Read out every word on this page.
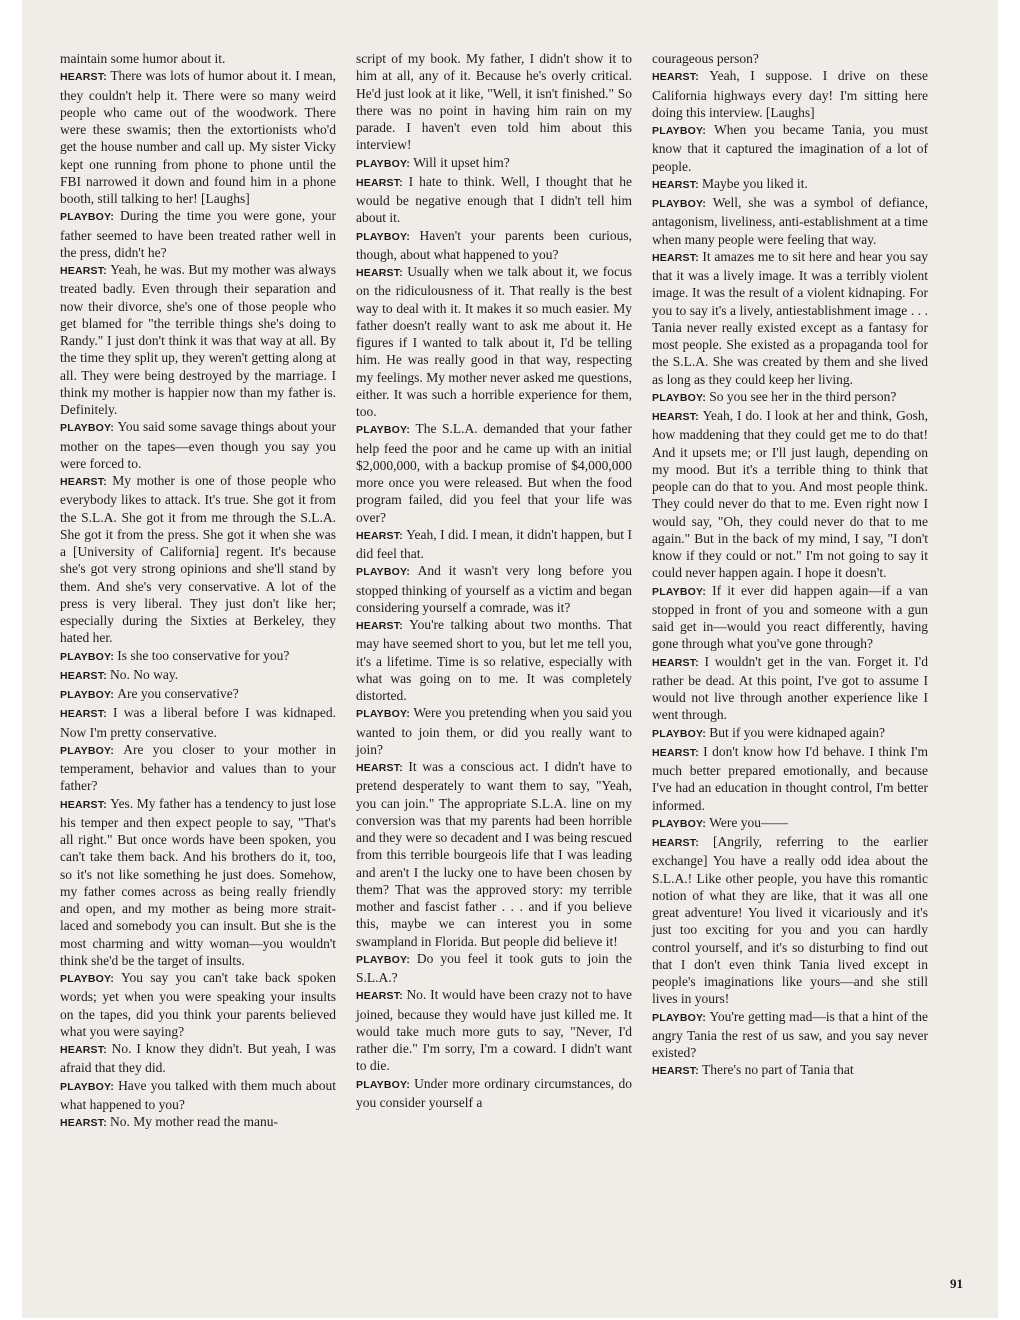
maintain some humor about it.

HEARST: There was lots of humor about it. I mean, they couldn't help it. There were so many weird people who came out of the woodwork. There were these swamis; then the extortionists who'd get the house number and call up. My sister Vicky kept one running from phone to phone until the FBI narrowed it down and found him in a phone booth, still talking to her! [Laughs]

PLAYBOY: During the time you were gone, your father seemed to have been treated rather well in the press, didn't he?

HEARST: Yeah, he was. But my mother was always treated badly. Even through their separation and now their divorce, she's one of those people who get blamed for "the terrible things she's doing to Randy." I just don't think it was that way at all. By the time they split up, they weren't getting along at all. They were being destroyed by the marriage. I think my mother is happier now than my father is. Definitely.

PLAYBOY: You said some savage things about your mother on the tapes—even though you say you were forced to.

HEARST: My mother is one of those people who everybody likes to attack. It's true. She got it from the S.L.A. She got it from me through the S.L.A. She got it from the press. She got it when she was a [University of California] regent. It's because she's got very strong opinions and she'll stand by them. And she's very conservative. A lot of the press is very liberal. They just don't like her; especially during the Sixties at Berkeley, they hated her.

PLAYBOY: Is she too conservative for you?

HEARST: No. No way.

PLAYBOY: Are you conservative?

HEARST: I was a liberal before I was kidnaped. Now I'm pretty conservative.

PLAYBOY: Are you closer to your mother in temperament, behavior and values than to your father?

HEARST: Yes. My father has a tendency to just lose his temper and then expect people to say, "That's all right." But once words have been spoken, you can't take them back. And his brothers do it, too, so it's not like something he just does. Somehow, my father comes across as being really friendly and open, and my mother as being more strait-laced and somebody you can insult. But she is the most charming and witty woman—you wouldn't think she'd be the target of insults.

PLAYBOY: You say you can't take back spoken words; yet when you were speaking your insults on the tapes, did you think your parents believed what you were saying?

HEARST: No. I know they didn't. But yeah, I was afraid that they did.

PLAYBOY: Have you talked with them much about what happened to you?

HEARST: No. My mother read the manu-

script of my book. My father, I didn't show it to him at all, any of it. Because he's overly critical. He'd just look at it like, "Well, it isn't finished." So there was no point in having him rain on my parade. I haven't even told him about this interview!

PLAYBOY: Will it upset him?

HEARST: I hate to think. Well, I thought that he would be negative enough that I didn't tell him about it.

PLAYBOY: Haven't your parents been curious, though, about what happened to you?

HEARST: Usually when we talk about it, we focus on the ridiculousness of it. That really is the best way to deal with it. It makes it so much easier. My father doesn't really want to ask me about it. He figures if I wanted to talk about it, I'd be telling him. He was really good in that way, respecting my feelings. My mother never asked me questions, either. It was such a horrible experience for them, too.

PLAYBOY: The S.L.A. demanded that your father help feed the poor and he came up with an initial $2,000,000, with a backup promise of $4,000,000 more once you were released. But when the food program failed, did you feel that your life was over?

HEARST: Yeah, I did. I mean, it didn't happen, but I did feel that.

PLAYBOY: And it wasn't very long before you stopped thinking of yourself as a victim and began considering yourself a comrade, was it?

HEARST: You're talking about two months. That may have seemed short to you, but let me tell you, it's a lifetime. Time is so relative, especially with what was going on to me. It was completely distorted.

PLAYBOY: Were you pretending when you said you wanted to join them, or did you really want to join?

HEARST: It was a conscious act. I didn't have to pretend desperately to want them to say, "Yeah, you can join." The appropriate S.L.A. line on my conversion was that my parents had been horrible and they were so decadent and I was being rescued from this terrible bourgeois life that I was leading and aren't I the lucky one to have been chosen by them? That was the approved story: my terrible mother and fascist father . . . and if you believe this, maybe we can interest you in some swampland in Florida. But people did believe it!

PLAYBOY: Do you feel it took guts to join the S.L.A.?

HEARST: No. It would have been crazy not to have joined, because they would have just killed me. It would take much more guts to say, "Never, I'd rather die." I'm sorry, I'm a coward. I didn't want to die.

PLAYBOY: Under more ordinary circumstances, do you consider yourself a

courageous person?

HEARST: Yeah, I suppose. I drive on these California highways every day! I'm sitting here doing this interview. [Laughs]

PLAYBOY: When you became Tania, you must know that it captured the imagination of a lot of people.

HEARST: Maybe you liked it.

PLAYBOY: Well, she was a symbol of defiance, antagonism, liveliness, anti-establishment at a time when many people were feeling that way.

HEARST: It amazes me to sit here and hear you say that it was a lively image. It was a terribly violent image. It was the result of a violent kidnaping. For you to say it's a lively, antiestablishment image . . . Tania never really existed except as a fantasy for most people. She existed as a propaganda tool for the S.L.A. She was created by them and she lived as long as they could keep her living.

PLAYBOY: So you see her in the third person?

HEARST: Yeah, I do. I look at her and think, Gosh, how maddening that they could get me to do that! And it upsets me; or I'll just laugh, depending on my mood. But it's a terrible thing to think that people can do that to you. And most people think. They could never do that to me. Even right now I would say, "Oh, they could never do that to me again." But in the back of my mind, I say, "I don't know if they could or not." I'm not going to say it could never happen again. I hope it doesn't.

PLAYBOY: If it ever did happen again—if a van stopped in front of you and someone with a gun said get in—would you react differently, having gone through what you've gone through?

HEARST: I wouldn't get in the van. Forget it. I'd rather be dead. At this point, I've got to assume I would not live through another experience like I went through.

PLAYBOY: But if you were kidnaped again?

HEARST: I don't know how I'd behave. I think I'm much better prepared emotionally, and because I've had an education in thought control, I'm better informed.

PLAYBOY: Were you——

HEARST: [Angrily, referring to the earlier exchange] You have a really odd idea about the S.L.A.! Like other people, you have this romantic notion of what they are like, that it was all one great adventure! You lived it vicariously and it's just too exciting for you and you can hardly control yourself, and it's so disturbing to find out that I don't even think Tania lived except in people's imaginations like yours—and she still lives in yours!

PLAYBOY: You're getting mad—is that a hint of the angry Tania the rest of us saw, and you say never existed?

HEARST: There's no part of Tania that

91
